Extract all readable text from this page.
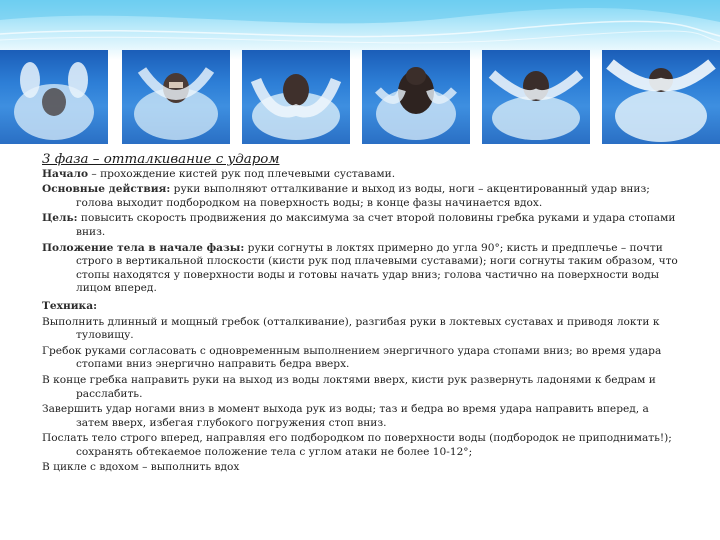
3 фаза – отталкивание с ударом

Начало – прохождение кистей рук под плечевыми суставами.

Основные действия: руки выполняют отталкивание и выход из воды, ноги – акцентированный удар вниз; голова выходит подбородком на поверхность воды; в конце фазы начинается вдох.

Цель: повысить скорость продвижения до максимума за счет второй половины гребка руками и удара стопами вниз.

Положение тела в начале фазы: руки согнуты в локтях примерно до угла 90°; кисть и предплечье – почти строго в вертикальной плоскости (кисти рук под плачевыми суставами); ноги согнуты таким образом, что стопы находятся у поверхности воды и готовы начать удар вниз; голова частично на поверхности воды лицом вперед.

Техника:

Выполнить длинный и мощный гребок (отталкивание), разгибая руки в локтевых суставах и приводя локти к туловищу.

Гребок руками согласовать с одновременным выполнением энергичного удара стопами вниз; во время удара стопами вниз энергично направить бедра вверх.

В конце гребка направить руки на выход из воды локтями вверх, кисти рук развернуть ладонями к бедрам и расслабить.

Завершить удар ногами вниз в момент выхода рук из воды; таз и бедра во время удара направить вперед, а затем вверх, избегая глубокого погружения стоп вниз.

Послать тело строго вперед, направляя его подбородком по поверхности воды (подбородок не приподнимать!); сохранять обтекаемое положение тела с углом атаки не более 10-12°;

В цикле с вдохом – выполнить вдох
